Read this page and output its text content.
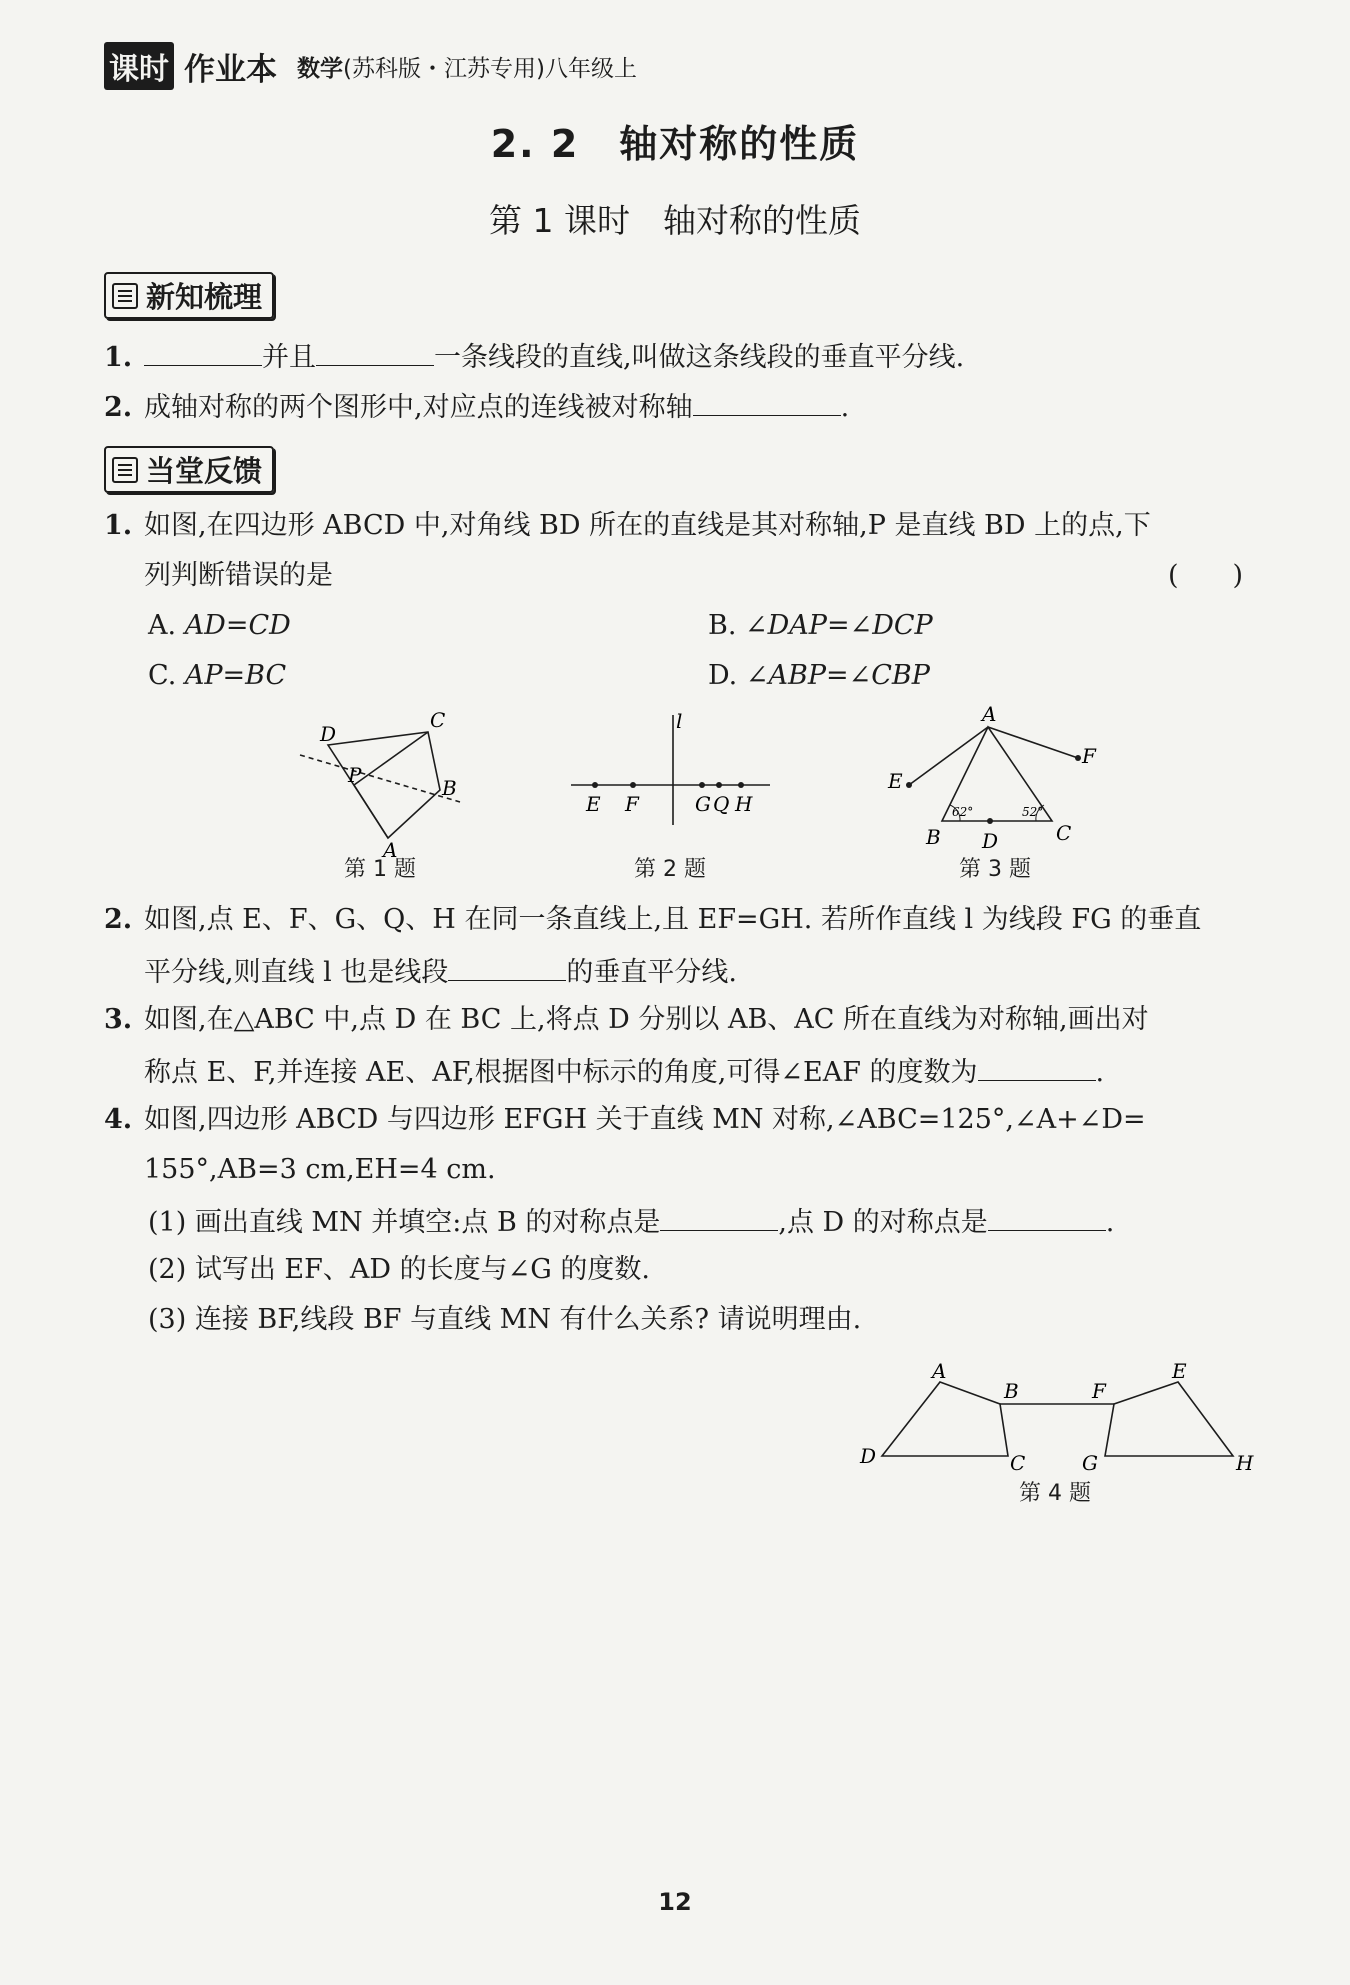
课时 作业本 数学(苏科版・江苏专用)八年级上
2. 2　轴对称的性质
第 1 课时　轴对称的性质
新知梳理
1.	并且	一条线段的直线,叫做这条线段的垂直平分线.
2. 成轴对称的两个图形中,对应点的连线被对称轴	.
当堂反馈
1. 如图,在四边形 ABCD 中,对角线 BD 所在的直线是其对称轴,P 是直线 BD 上的点,下
列判断错误的是	(　　)
A. AD=CD	B. ∠DAP=∠DCP
C. AP=BC	D. ∠ABP=∠CBP
D
C
P
B
A
第 1 题
l
E F	G Q H
第 2 题
A
F
E
62°	52°
B D	C
第 3 题
2. 如图,点 E、F、G、Q、H 在同一条直线上,且 EF=GH. 若所作直线 l 为线段 FG 的垂直
平分线,则直线 l 也是线段	的垂直平分线.
3. 如图,在△ABC 中,点 D 在 BC 上,将点 D 分别以 AB、AC 所在直线为对称轴,画出对
称点 E、F,并连接 AE、AF,根据图中标示的角度,可得∠EAF 的度数为	.
4. 如图,四边形 ABCD 与四边形 EFGH 关于直线 MN 对称,∠ABC=125°,∠A+∠D=
155°,AB=3 cm,EH=4 cm.
(1) 画出直线 MN 并填空:点 B 的对称点是	,点 D 的对称点是	.
(2) 试写出 EF、AD 的长度与∠G 的度数.
(3) 连接 BF,线段 BF 与直线 MN 有什么关系? 请说明理由.
A	E
B	F
D	C	G	H
第 4 题
12
